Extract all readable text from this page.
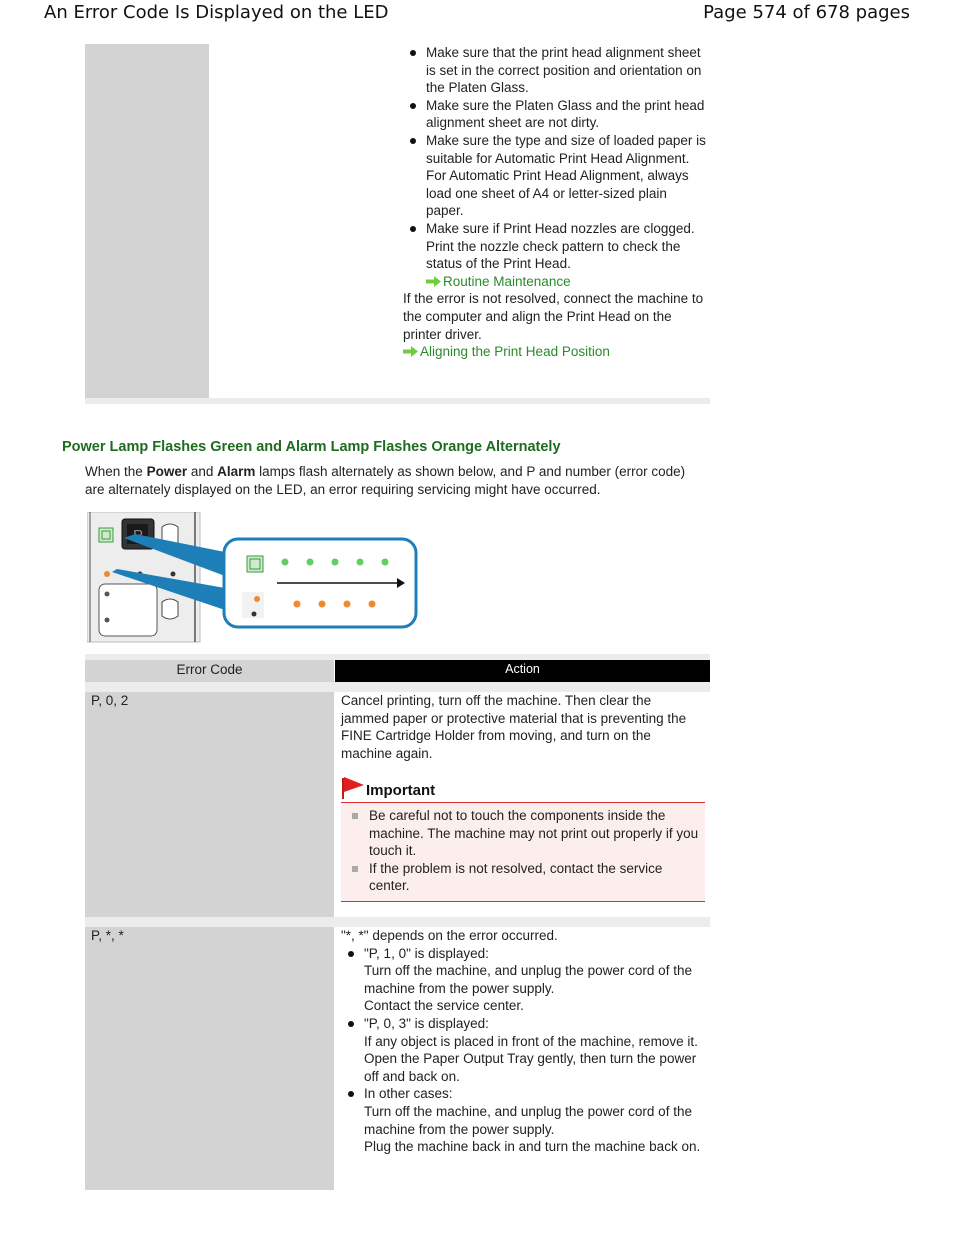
An Error Code Is Displayed on the LED	Page 574 of 678 pages
Make sure that the print head alignment sheet is set in the correct position and orientation on the Platen Glass.
Make sure the Platen Glass and the print head alignment sheet are not dirty.
Make sure the type and size of loaded paper is suitable for Automatic Print Head Alignment.
For Automatic Print Head Alignment, always load one sheet of A4 or letter-sized plain paper.
Make sure if Print Head nozzles are clogged.
Print the nozzle check pattern to check the status of the Print Head.
Routine Maintenance
If the error is not resolved, connect the machine to the computer and align the Print Head on the printer driver.
Aligning the Print Head Position
Power Lamp Flashes Green and Alarm Lamp Flashes Orange Alternately
When the Power and Alarm lamps flash alternately as shown below, and P and number (error code) are alternately displayed on the LED, an error requiring servicing might have occurred.
Error Code	Action
P, 0, 2	Cancel printing, turn off the machine. Then clear the jammed paper or protective material that is preventing the FINE Cartridge Holder from moving, and turn on the machine again.
Important
Be careful not to touch the components inside the machine. The machine may not print out properly if you touch it.
If the problem is not resolved, contact the service center.
P, *, *	"*, *" depends on the error occurred.
"P, 1, 0" is displayed:
Turn off the machine, and unplug the power cord of the machine from the power supply.
Contact the service center.
"P, 0, 3" is displayed:
If any object is placed in front of the machine, remove it.
Open the Paper Output Tray gently, then turn the power off and back on.
In other cases:
Turn off the machine, and unplug the power cord of the machine from the power supply.
Plug the machine back in and turn the machine back on.
